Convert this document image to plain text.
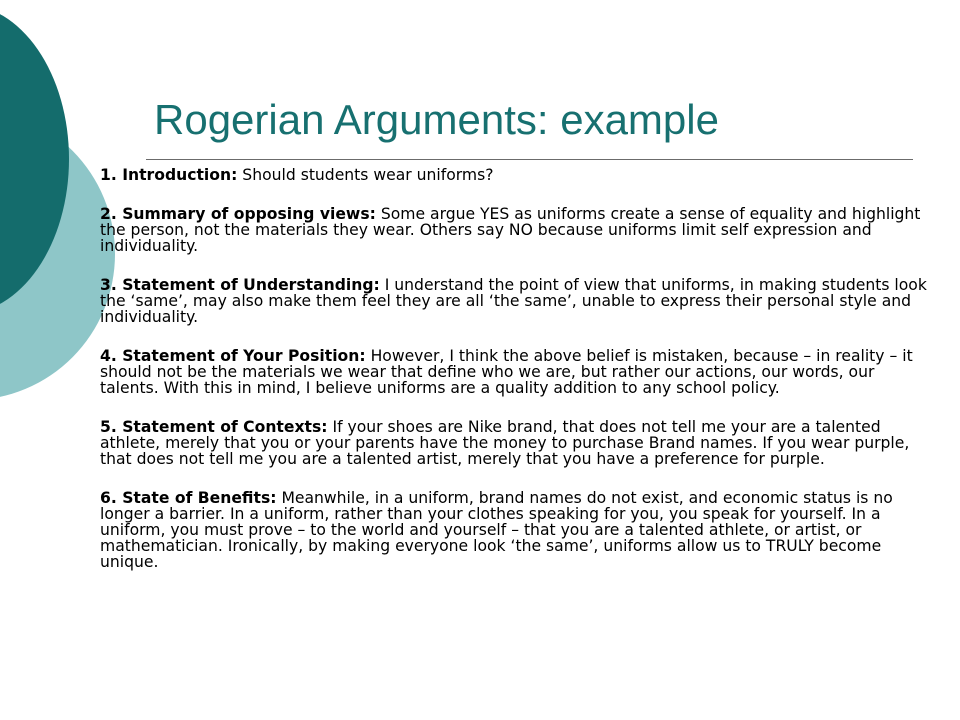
Rogerian Arguments: example

1. Introduction: Should students wear uniforms?

2. Summary of opposing views: Some argue YES as uniforms create a sense of equality and highlight the person, not the materials they wear. Others say NO because uniforms limit self expression and individuality.

3. Statement of Understanding: I understand the point of view that uniforms, in making students look the ‘same’, may also make them feel they are all ‘the same’, unable to express their personal style and individuality.

4. Statement of Your Position: However, I think the above belief is mistaken, because – in reality – it should not be the materials we wear that define who we are, but rather our actions, our words, our talents. With this in mind, I believe uniforms are a quality addition to any school policy.

5. Statement of Contexts: If your shoes are Nike brand, that does not tell me your are a talented athlete, merely that you or your parents have the money to purchase Brand names. If you wear purple, that does not tell me you are a talented artist, merely that you have a preference for purple.

6. State of Benefits: Meanwhile, in a uniform, brand names do not exist, and economic status is no longer a barrier. In a uniform, rather than your clothes speaking for you, you speak for yourself. In a uniform, you must prove – to the world and yourself – that you are a talented athlete, or artist, or mathematician. Ironically, by making everyone look ‘the same’, uniforms allow us to TRULY become unique.
